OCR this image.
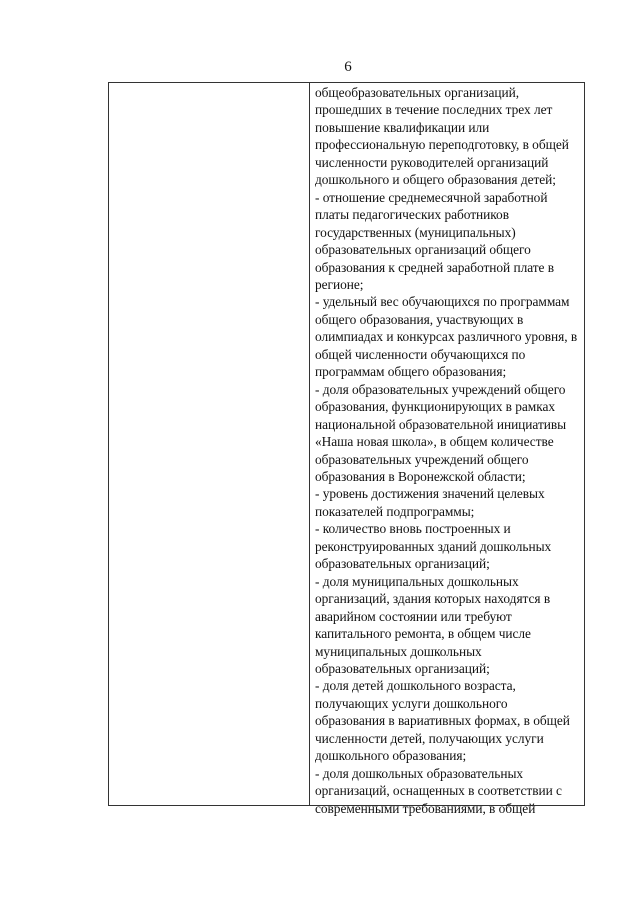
6
общеобразовательных организаций,
прошедших в течение последних трех лет
повышение квалификации или
профессиональную переподготовку, в общей
численности руководителей организаций
дошкольного и общего образования детей;
- отношение среднемесячной заработной
платы педагогических работников
государственных (муниципальных)
образовательных организаций общего
образования к средней заработной плате в
регионе;
- удельный вес обучающихся по программам
общего образования, участвующих в
олимпиадах и конкурсах различного уровня, в
общей численности обучающихся по
программам общего образования;
- доля образовательных учреждений общего
образования, функционирующих в рамках
национальной образовательной инициативы
«Наша новая школа», в общем количестве
образовательных учреждений общего
образования в Воронежской области;
- уровень достижения значений целевых
показателей подпрограммы;
- количество вновь построенных и
реконструированных зданий дошкольных
образовательных организаций;
- доля муниципальных дошкольных
организаций, здания которых находятся в
аварийном состоянии или требуют
капитального ремонта, в общем числе
муниципальных дошкольных
образовательных организаций;
- доля детей дошкольного возраста,
получающих услуги дошкольного
образования в вариативных формах, в общей
численности детей, получающих услуги
дошкольного образования;
- доля дошкольных образовательных
организаций, оснащенных в соответствии с
современными требованиями, в общей
